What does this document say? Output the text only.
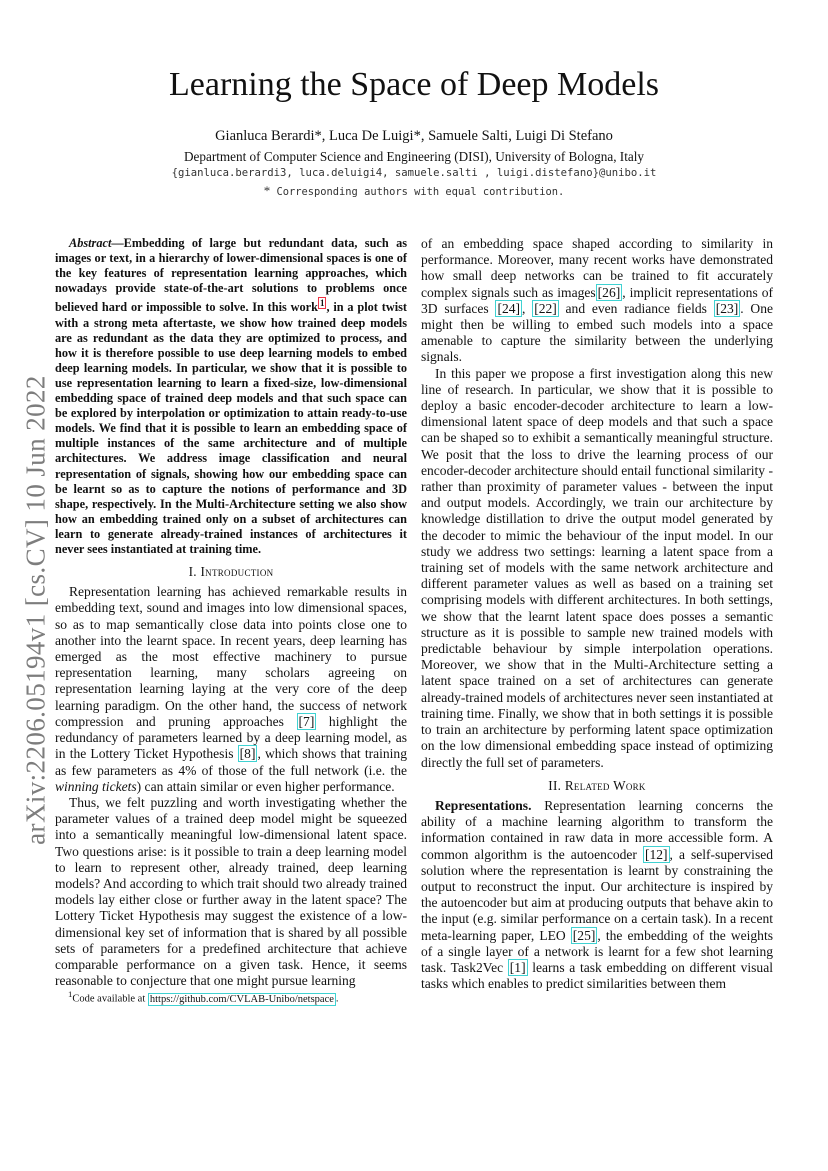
arXiv:2206.05194v1 [cs.CV] 10 Jun 2022
Learning the Space of Deep Models
Gianluca Berardi*, Luca De Luigi*, Samuele Salti, Luigi Di Stefano
Department of Computer Science and Engineering (DISI), University of Bologna, Italy
{gianluca.berardi3, luca.deluigi4, samuele.salti , luigi.distefano}@unibo.it
* Corresponding authors with equal contribution.

Abstract—Embedding of large but redundant data, such as images or text, in a hierarchy of lower-dimensional spaces is one of the key features of representation learning approaches, which nowadays provide state-of-the-art solutions to problems once believed hard or impossible to solve. In this work $^1$ , in a plot twist with a strong meta aftertaste, we show how trained deep models are as redundant as the data they are optimized to process, and how it is therefore possible to use deep learning models to embed deep learning models. In particular, we show that it is possible to use representation learning to learn a fixed-size, low-dimensional embedding space of trained deep models and that such space can be explored by interpolation or optimization to attain ready-to-use models. We find that it is possible to learn an embedding space of multiple instances of the same architecture and of multiple architectures. We address image classification and neural representation of signals, showing how our embedding space can be learnt so as to capture the notions of performance and 3D shape, respectively. In the Multi-Architecture setting we also show how an embedding trained only on a subset of architectures can learn to generate already-trained instances of architectures it never sees instantiated at training time.

I. Introduction

Representation learning has achieved remarkable results in embedding text, sound and images into low dimensional spaces, so as to map semantically close data into points close one to another into the learnt space. In recent years, deep learning has emerged as the most effective machinery to pursue representation learning, many scholars agreeing on representation learning laying at the very core of the deep learning paradigm. On the other hand, the success of network compression and pruning approaches [7] highlight the redundancy of parameters learned by a deep learning model, as in the Lottery Ticket Hypothesis [8] , which shows that training as few parameters as 4% of those of the full network (i.e. the winning tickets) can attain similar or even higher performance.

Thus, we felt puzzling and worth investigating whether the parameter values of a trained deep model might be squeezed into a semantically meaningful low-dimensional latent space. Two questions arise: is it possible to train a deep learning model to learn to represent other, already trained, deep learning models? And according to which trait should two already trained models lay either close or further away in the latent space? The Lottery Ticket Hypothesis may suggest the existence of a low-dimensional key set of information that is shared by all possible sets of parameters for a predefined architecture that achieve comparable performance on a given task. Hence, it seems reasonable to conjecture that one might pursue learning

of an embedding space shaped according to similarity in performance. Moreover, many recent works have demonstrated how small deep networks can be trained to fit accurately complex signals such as images [26] , implicit representations of 3D surfaces [24] , [22] and even radiance fields [23] . One might then be willing to embed such models into a space amenable to capture the similarity between the underlying signals.

In this paper we propose a first investigation along this new line of research. In particular, we show that it is possible to deploy a basic encoder-decoder architecture to learn a low-dimensional latent space of deep models and that such a space can be shaped so to exhibit a semantically meaningful structure. We posit that the loss to drive the learning process of our encoder-decoder architecture should entail functional similarity - rather than proximity of parameter values - between the input and output models. Accordingly, we train our architecture by knowledge distillation to drive the output model generated by the decoder to mimic the behaviour of the input model. In our study we address two settings: learning a latent space from a training set of models with the same network architecture and different parameter values as well as based on a training set comprising models with different architectures. In both settings, we show that the learnt latent space does posses a semantic structure as it is possible to sample new trained models with predictable behaviour by simple interpolation operations. Moreover, we show that in the Multi-Architecture setting a latent space trained on a set of architectures can generate already-trained models of architectures never seen instantiated at training time. Finally, we show that in both settings it is possible to train an architecture by performing latent space optimization on the low dimensional embedding space instead of optimizing directly the full set of parameters.

II. Related Work

Representations. Representation learning concerns the ability of a machine learning algorithm to transform the information contained in raw data in more accessible form. A common algorithm is the autoencoder [12] , a self-supervised solution where the representation is learnt by constraining the output to reconstruct the input. Our architecture is inspired by the autoencoder but aim at producing outputs that behave akin to the input (e.g. similar performance on a certain task). In a recent meta-learning paper, LEO [25] , the embedding of the weights of a single layer of a network is learnt for a few shot learning task. Task2Vec [1] learns a task embedding on different visual tasks which enables to predict similarities between them

$^1$Code available at https://github.com/CVLAB-Unibo/netspace .
